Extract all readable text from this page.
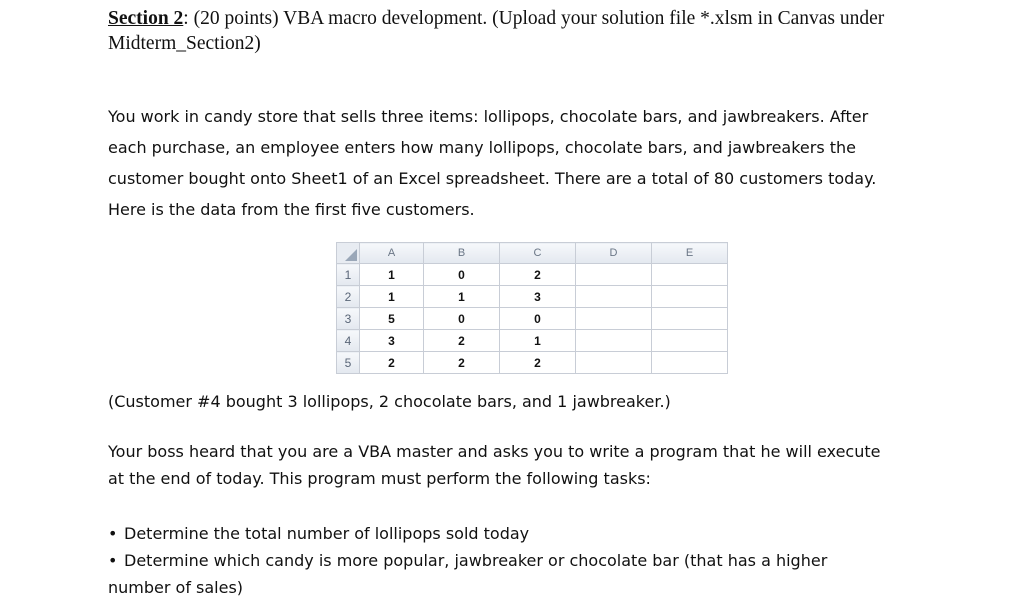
Section 2: (20 points) VBA macro development. (Upload your solution file *.xlsm in Canvas under Midterm_Section2)
You work in candy store that sells three items: lollipops, chocolate bars, and jawbreakers. After
each purchase, an employee enters how many lollipops, chocolate bars, and jawbreakers the
customer bought onto Sheet1 of an Excel spreadsheet. There are a total of 80 customers today.
Here is the data from the first five customers.
	A	B	C	D	E
1	1	0	2		
2	1	1	3		
3	5	0	0		
4	3	2	1		
5	2	2	2		
(Customer #4 bought 3 lollipops, 2 chocolate bars, and 1 jawbreaker.)
Your boss heard that you are a VBA master and asks you to write a program that he will execute
at the end of today. This program must perform the following tasks:
• Determine the total number of lollipops sold today
• Determine which candy is more popular, jawbreaker or chocolate bar (that has a higher
number of sales)
